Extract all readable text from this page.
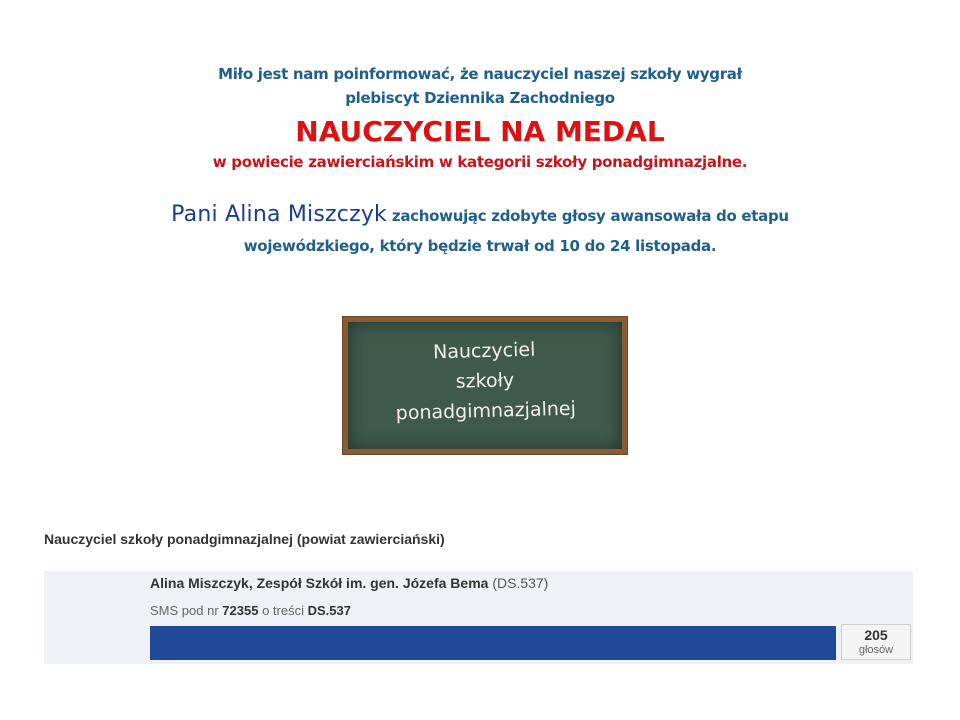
Miło jest nam poinformować, że nauczyciel naszej szkoły wygrał
plebiscyt Dziennika Zachodniego
NAUCZYCIEL NA MEDAL
w powiecie zawierciańskim w kategorii szkoły ponadgimnazjalne.
Pani Alina Miszczyk zachowując zdobyte głosy awansowała do etapu
wojewódzkiego, który będzie trwał od 10 do 24 listopada.
Nauczyciel
szkoły
ponadgimnazjalnej
Nauczyciel szkoły ponadgimnazjalnej (powiat zawierciański)
Alina Miszczyk, Zespół Szkół im. gen. Józefa Bema (DS.537)
SMS pod nr 72355 o treści DS.537
205
głosów
